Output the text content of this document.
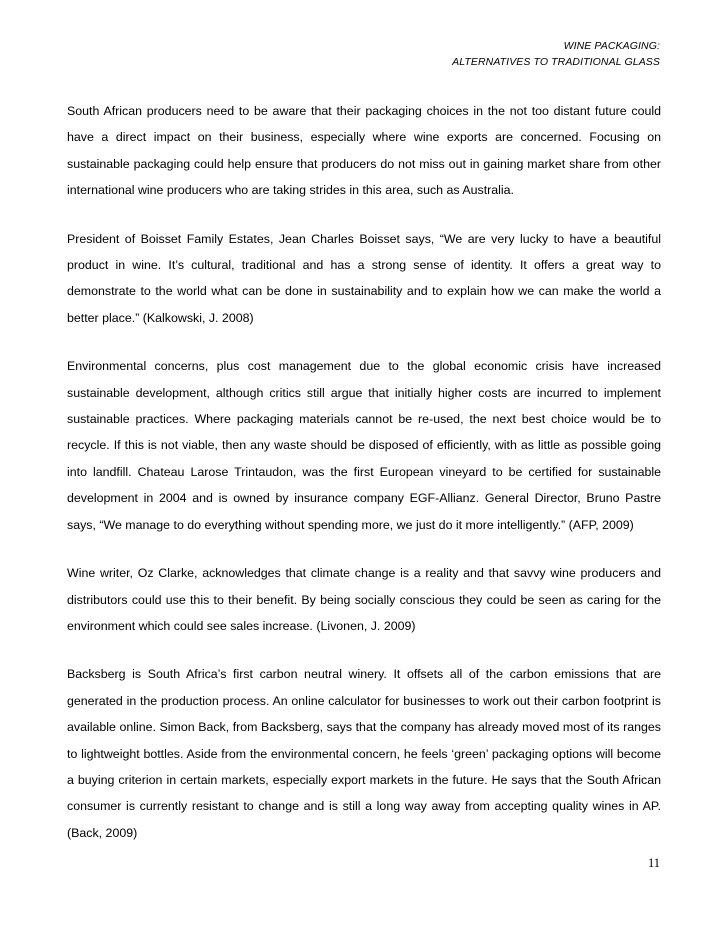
WINE PACKAGING:
ALTERNATIVES TO TRADITIONAL GLASS

South African producers need to be aware that their packaging choices in the not too distant future could have a direct impact on their business, especially where wine exports are concerned. Focusing on sustainable packaging could help ensure that producers do not miss out in gaining market share from other international wine producers who are taking strides in this area, such as Australia.

President of Boisset Family Estates, Jean Charles Boisset says, “We are very lucky to have a beautiful product in wine. It’s cultural, traditional and has a strong sense of identity. It offers a great way to demonstrate to the world what can be done in sustainability and to explain how we can make the world a better place.” (Kalkowski, J. 2008)

Environmental concerns, plus cost management due to the global economic crisis have increased sustainable development, although critics still argue that initially higher costs are incurred to implement sustainable practices. Where packaging materials cannot be re-used, the next best choice would be to recycle. If this is not viable, then any waste should be disposed of efficiently, with as little as possible going into landfill. Chateau Larose Trintaudon, was the first European vineyard to be certified for sustainable development in 2004 and is owned by insurance company EGF-Allianz. General Director, Bruno Pastre says, “We manage to do everything without spending more, we just do it more intelligently.” (AFP, 2009)

Wine writer, Oz Clarke, acknowledges that climate change is a reality and that savvy wine producers and distributors could use this to their benefit. By being socially conscious they could be seen as caring for the environment which could see sales increase. (Livonen, J. 2009)

Backsberg is South Africa’s first carbon neutral winery. It offsets all of the carbon emissions that are generated in the production process. An online calculator for businesses to work out their carbon footprint is available online. Simon Back, from Backsberg, says that the company has already moved most of its ranges to lightweight bottles. Aside from the environmental concern, he feels ‘green’ packaging options will become a buying criterion in certain markets, especially export markets in the future. He says that the South African consumer is currently resistant to change and is still a long way away from accepting quality wines in AP. (Back, 2009)

11
